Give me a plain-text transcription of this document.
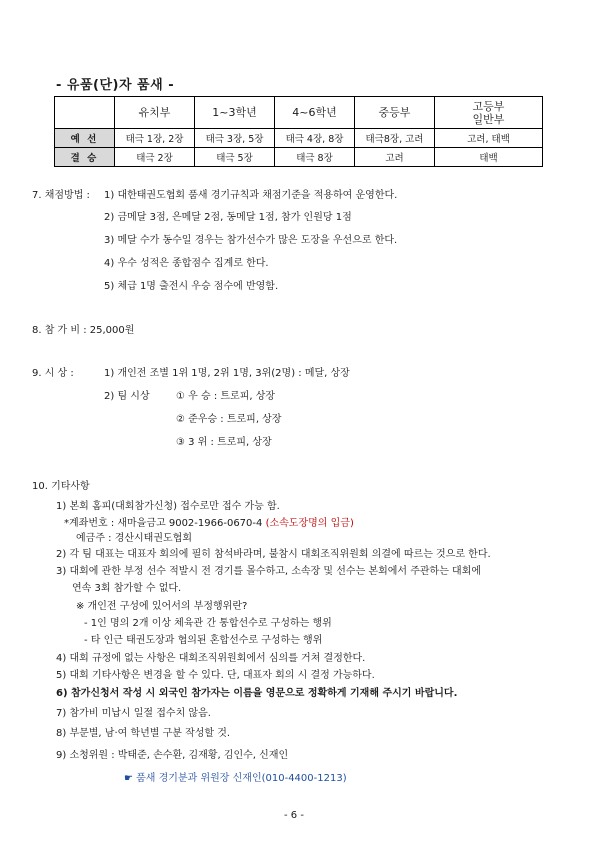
- 유품(단)자 품새 -
	유치부	1~3학년	4~6학년	중등부	고등부
일반부

예 선	태극 1장, 2장	태극 3장, 5장	태극 4장, 8장	태극8장, 고려	고려, 태백
결 승	태극 2장	태극 5장	태극 8장	고려	태백
7. 채점방법 : 1) 대한태권도협회 품새 경기규칙과 채점기준을 적용하여 운영한다.
2) 금메달 3점, 은메달 2점, 동메달 1점, 참가 인원당 1점
3) 메달 수가 동수일 경우는 참가선수가 많은 도장을 우선으로 한다.
4) 우수 성적은 종합점수 집계로 한다.
5) 체급 1명 출전시 우승 점수에 반영함.
8. 참 가 비 : 25,000원
9. 시 상 :	1) 개인전 조별 1위 1명, 2위 1명, 3위(2명) : 메달, 상장
2) 팀 시상	① 우 승 : 트로피, 상장
② 준우승 : 트로피, 상장
③ 3 위 : 트로피, 상장
10. 기타사항
1) 본회 홈피(대회참가신청) 접수로만 접수 가능 함.
*계좌번호 : 새마을금고 9002-1966-0670-4 (소속도장명의 입금)
예금주 : 경산시태권도협회
2) 각 팀 대표는 대표자 회의에 필히 참석바라며, 불참시 대회조직위원회 의결에 따르는 것으로 한다.
3) 대회에 관한 부정 선수 적발시 전 경기를 몰수하고, 소속장 및 선수는 본회에서 주관하는 대회에
연속 3회 참가할 수 없다.
※ 개인전 구성에 있어서의 부정행위란?
- 1인 명의 2개 이상 체육관 간 통합선수로 구성하는 행위
- 타 인근 태권도장과 협의된 혼합선수로 구성하는 행위
4) 대회 규정에 없는 사항은 대회조직위원회에서 심의를 거쳐 결정한다.
5) 대회 기타사항은 변경을 할 수 있다. 단, 대표자 회의 시 결정 가능하다.
6) 참가신청서 작성 시 외국인 참가자는 이름을 영문으로 정확하게 기재해 주시기 바랍니다.
7) 참가비 미납시 일절 접수치 않음.
8) 부문별, 남·여 학년별 구분 작성할 것.
9) 소청위원 : 박태준, 손수환, 김재황, 김인수, 신재인
☛ 품새 경기분과 위원장 신재인(010-4400-1213)
- 6 -
